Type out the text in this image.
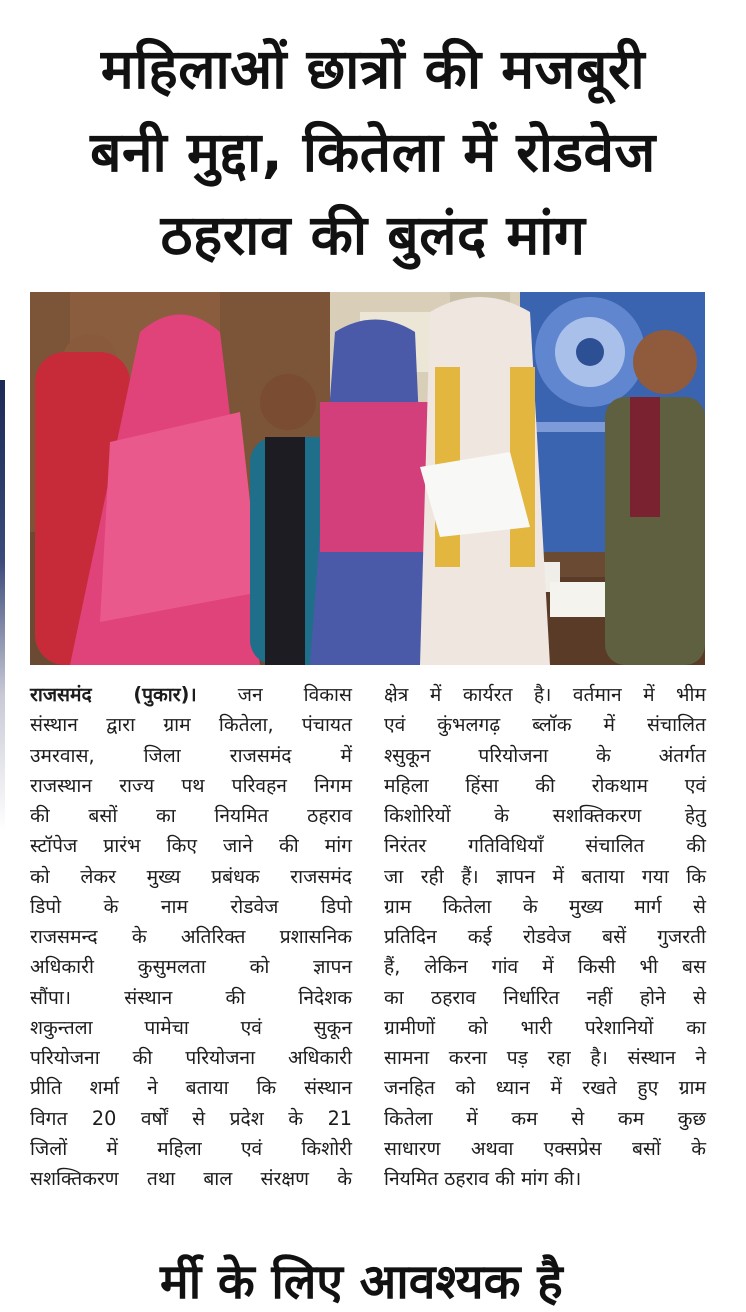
महिलाओं छात्रों की मजबूरी
बनी मुद्दा, कितेला में रोडवेज
ठहराव की बुलंद मांग
राजसमंद (पुकार)। जन विकास
संस्थान द्वारा ग्राम कितेला, पंचायत
उमरवास, जिला राजसमंद में
राजस्थान राज्य पथ परिवहन निगम
की बसों का नियमित ठहराव
स्टॉपेज प्रारंभ किए जाने की मांग
को लेकर मुख्य प्रबंधक राजसमंद
डिपो के नाम रोडवेज डिपो
राजसमन्द के अतिरिक्त प्रशासनिक
अधिकारी कुसुमलता को ज्ञापन
सौंपा। संस्थान की निदेशक
शकुन्तला पामेचा एवं सुकून
परियोजना की परियोजना अधिकारी
प्रीति शर्मा ने बताया कि संस्थान
विगत 20 वर्षों से प्रदेश के 21
जिलों में महिला एवं किशोरी
सशक्तिकरण तथा बाल संरक्षण के
क्षेत्र में कार्यरत है। वर्तमान में भीम
एवं कुंभलगढ़ ब्लॉक में संचालित
श्सुकून परियोजना के अंतर्गत
महिला हिंसा की रोकथाम एवं
किशोरियों के सशक्तिकरण हेतु
निरंतर गतिविधियाँ संचालित की
जा रही हैं। ज्ञापन में बताया गया कि
ग्राम कितेला के मुख्य मार्ग से
प्रतिदिन कई रोडवेज बसें गुजरती
हैं, लेकिन गांव में किसी भी बस
का ठहराव निर्धारित नहीं होने से
ग्रामीणों को भारी परेशानियों का
सामना करना पड़ रहा है। संस्थान ने
जनहित को ध्यान में रखते हुए ग्राम
कितेला में कम से कम कुछ
साधारण अथवा एक्सप्रेस बसों के
नियमित ठहराव की मांग की।
र्मी के लिए आवश्यक है
